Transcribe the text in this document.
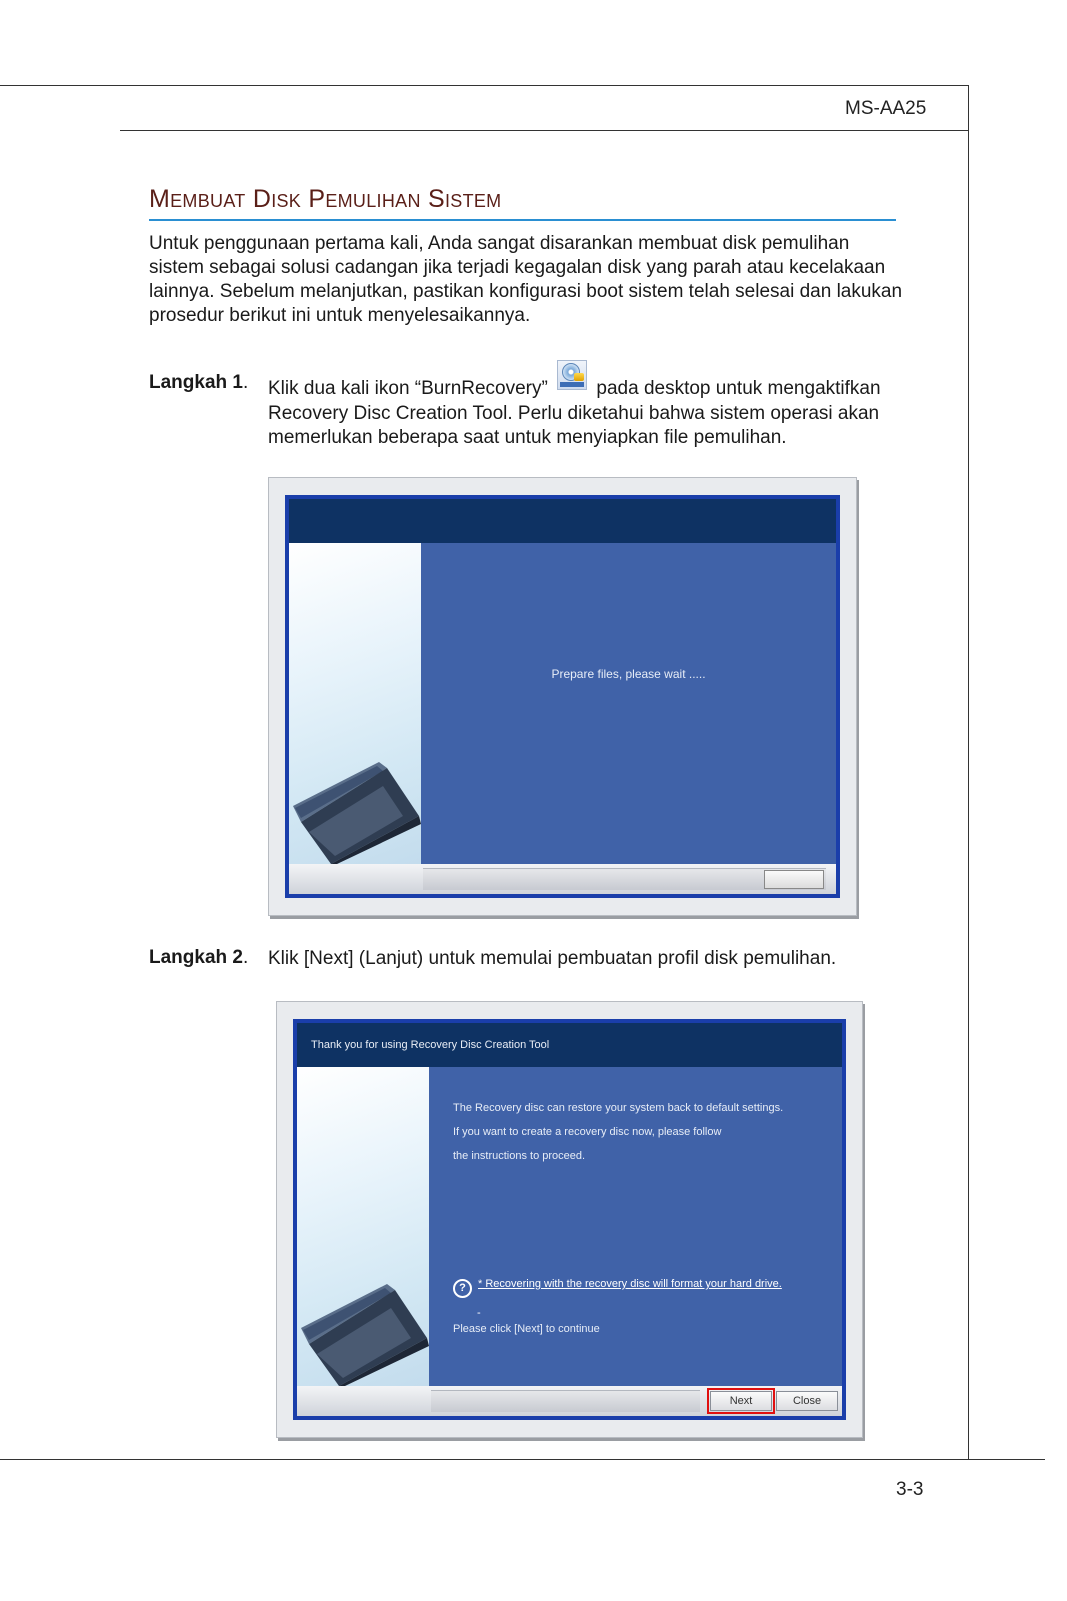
MS-AA25
Membuat Disk Pemulihan Sistem

Untuk penggunaan pertama kali, Anda sangat disarankan membuat disk pemulihan sistem sebagai solusi cadangan jika terjadi kegagalan disk yang parah atau kecelakaan lainnya. Sebelum melanjutkan, pastikan konfigurasi boot sistem telah selesai dan lakukan prosedur berikut ini untuk menyelesaikannya.

Langkah 1. Klik dua kali ikon “BurnRecovery”	pada desktop untuk mengaktifkan Recovery Disc Creation Tool. Perlu diketahui bahwa sistem operasi akan memerlukan beberapa saat untuk menyiapkan file pemulihan.

Prepare files, please wait .....
Langkah 2. Klik [Next] (Lanjut) untuk memulai pembuatan profil disk pemulihan.

Thank you for using Recovery Disc Creation Tool
The Recovery disc can restore your system back to default settings.
If you want to create a recovery disc now, please follow
the instructions to proceed.
? * Recovering with the recovery disc will format your hard drive.
-
Please click [Next] to continue
Next	Close
3-3
